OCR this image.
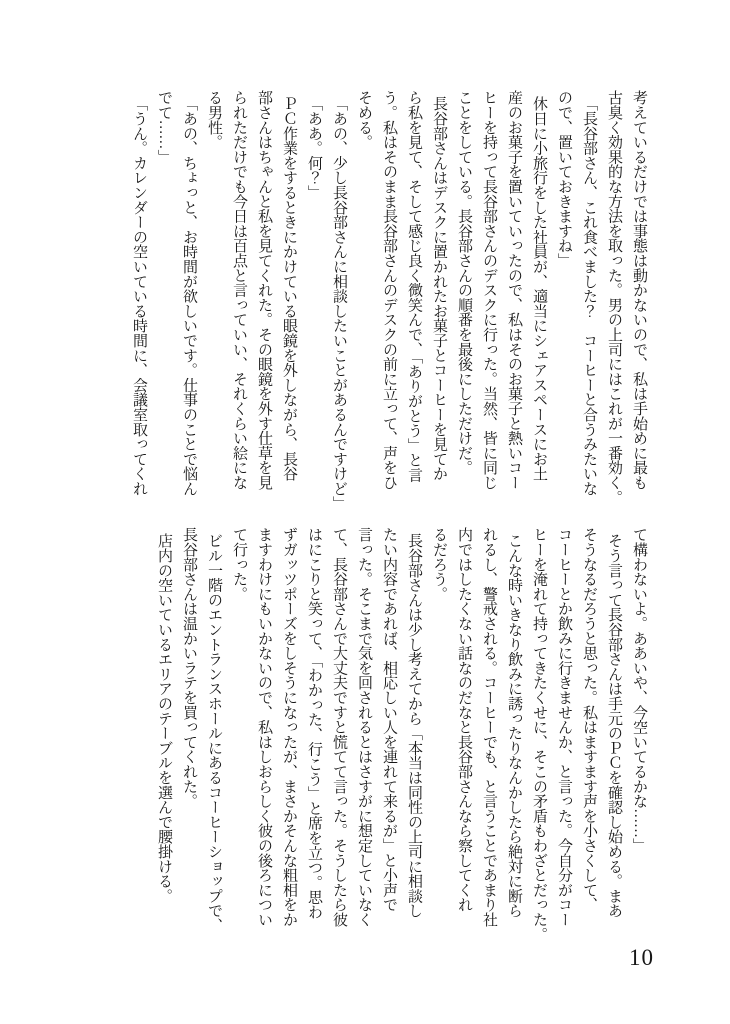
考えているだけでは事態は動かないので、私は手始めに最も
古臭く効果的な方法を取った。男の上司にはこれが一番効く。
「長谷部さん、これ食べました？　コーヒーと合うみたいな
ので、置いておきますね」
休日に小旅行をした社員が、適当にシェアスペースにお土
産のお菓子を置いていったので、私はそのお菓子と熱いコー
ヒーを持って長谷部さんのデスクに行った。当然、皆に同じ
ことをしている。長谷部さんの順番を最後にしただけだ。
長谷部さんはデスクに置かれたお菓子とコーヒーを見てか
ら私を見て、そして感じ良く微笑んで、「ありがとう」と言
う。私はそのまま長谷部さんのデスクの前に立って、声をひ
そめる。
「あの、少し長谷部さんに相談したいことがあるんですけど」
「ああ。何？」
ＰＣ作業をするときにかけている眼鏡を外しながら、長谷
部さんはちゃんと私を見てくれた。その眼鏡を外す仕草を見
られただけでも今日は百点と言っていい、それくらい絵にな
る男性。
「あの、ちょっと、お時間が欲しいです。仕事のことで悩ん
でて……」
「うん。カレンダーの空いている時間に、会議室取ってくれ
て構わないよ。ああいや、今空いてるかな……」
そう言って長谷部さんは手元のＰＣを確認し始める。まあ
そうなるだろうと思った。私はますます声を小さくして、
コーヒーとか飲みに行きませんか、と言った。今自分がコー
ヒーを淹れて持ってきたくせに、そこの矛盾もわざとだった。
こんな時いきなり飲みに誘ったりなんかしたら絶対に断ら
れるし、警戒される。コーヒーでも、と言うことであまり社
内ではしたくない話なのだなと長谷部さんなら察してくれ
るだろう。
長谷部さんは少し考えてから「本当は同性の上司に相談し
たい内容であれば、相応しい人を連れて来るが」と小声で
言った。そこまで気を回されるとはさすがに想定していなく
て、長谷部さんで大丈夫ですと慌てて言った。そうしたら彼
はにこりと笑って、「わかった、行こう」と席を立つ。思わ
ずガッツポーズをしそうになったが、まさかそんな粗相をか
ますわけにもいかないので、私はしおらしく彼の後ろについ
て行った。
ビル一階のエントランスホールにあるコーヒーショップで、
長谷部さんは温かいラテを買ってくれた。
店内の空いているエリアのテーブルを選んで腰掛ける。
10
